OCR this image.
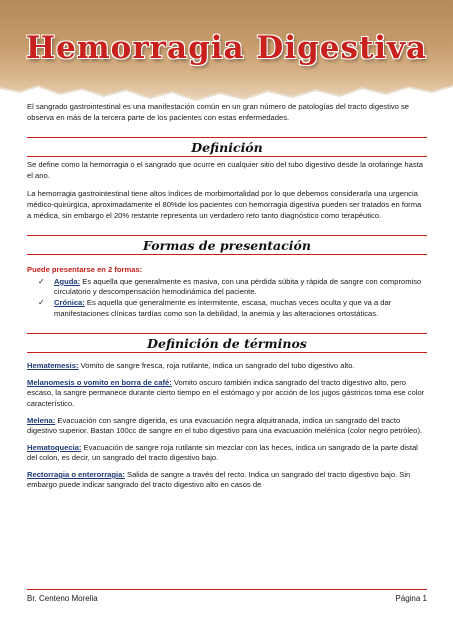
Hemorragia Digestiva

El sangrado gastrointestinal es una manifestación común en un gran número de patologías del tracto digestivo se observa en más de la tercera parte de los pacientes con estas enfermedades.

Definición

Se define como la hemorragia o el sangrado que ocurre en cualquier sitio del tubo digestivo desde la orofaringe hasta el ano.

La hemorragia gastrointestinal tiene altos índices de morbimortalidad por lo que debemos considerarla una urgencia médico-quirúrgica, aproximadamente el 80%de los pacientes con hemorragia digestiva pueden ser tratados en forma a médica, sin embargo el 20% restante representa un verdadero reto tanto diagnóstico como terapéutico.

Formas de presentación

Puede presentarse en 2 formas:

✓ Aguda: Es aquella que generalmente es masiva, con una pérdida súbita y rápida de sangre con compromiso circulatorio y descompensación hemodinámica del paciente.
✓ Crónica: Es aquella que generalmente es intermitente, escasa, muchas veces oculta y que va a dar manifestaciones clínicas tardías como son la debilidad, la anemia y las alteraciones ortostáticas.
Definición de términos

Hematemesis: Vomito de sangre fresca, roja rutilante, indica un sangrado del tubo digestivo alto.

Melanomesis o vomito en borra de café: Vomito oscuro también indica sangrado del tracto digestivo alto, pero escaso, la sangre permanece durante cierto tiempo en el estómago y por acción de los jugos gástricos toma ese color característico.

Melena: Evacuación con sangre digerida, es una evacuación negra alquitranada, indica un sangrado del tracto digestivo superior. Bastan 100cc de sangre en el tubo digestivo para una evacuación meléníca (color negro petróleo).

Hematoquecia: Evacuación de sangre roja rutilante sin mezclar con las heces, indica un sangrado de la parte distal del colon, es decir, un sangrado del tracto digestivo bajo.

Rectorragia o enterorragia: Salida de sangre a través del recto. Indica un sangrado del tracto digestivo bajo. Sin embargo puede indicar sangrado del tracto digestivo alto en casos de

Br. Centeno Morelia	Página 1
